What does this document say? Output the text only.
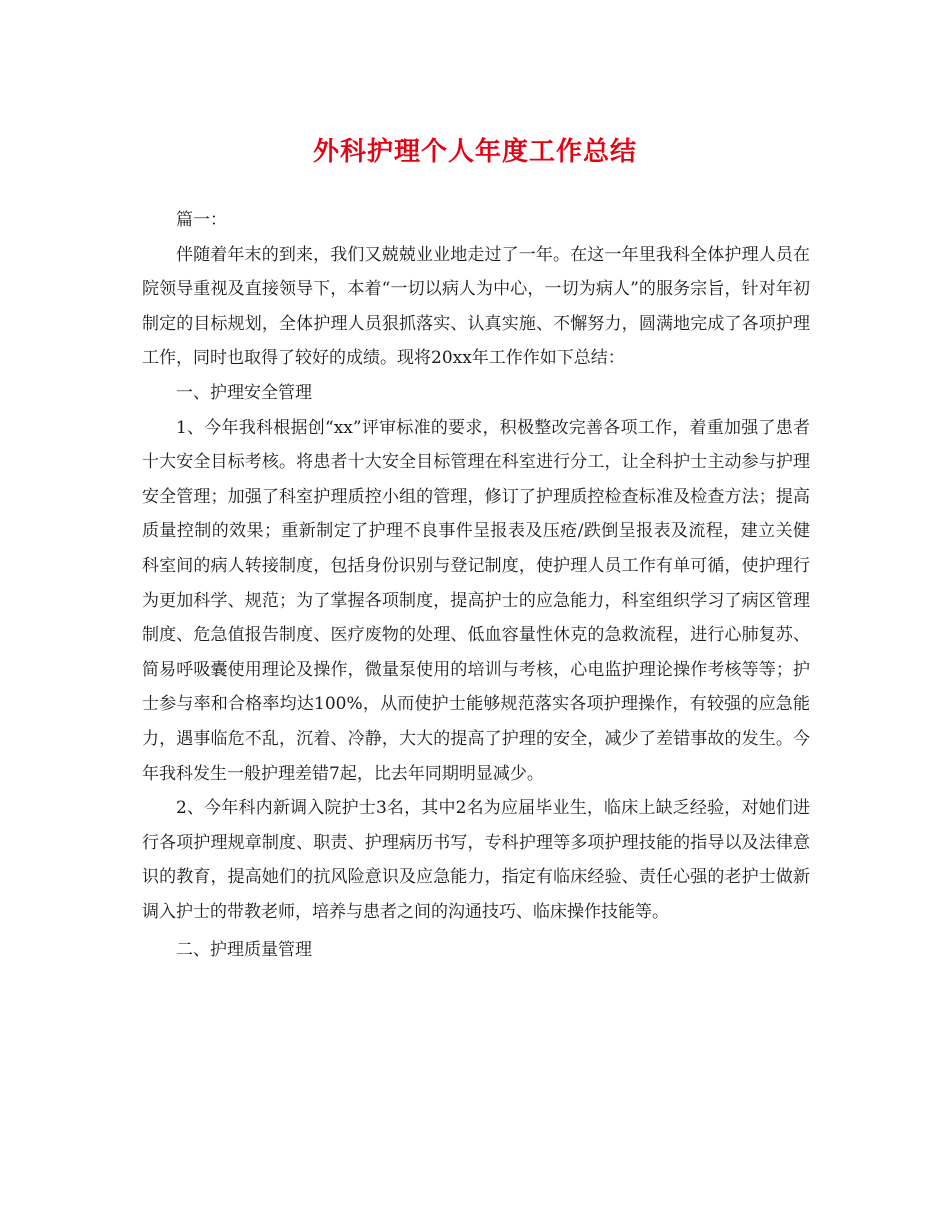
外科护理个人年度工作总结

篇一：

伴随着年末的到来，我们又兢兢业业地走过了一年。在这一年里我科全体护理人员在院领导重视及直接领导下，本着“一切以病人为中心，一切为病人”的服务宗旨，针对年初制定的目标规划，全体护理人员狠抓落实、认真实施、不懈努力，圆满地完成了各项护理工作，同时也取得了较好的成绩。现将20xx年工作作如下总结：

一、护理安全管理

1、今年我科根据创“xx”评审标准的要求，积极整改完善各项工作，着重加强了患者十大安全目标考核。将患者十大安全目标管理在科室进行分工，让全科护士主动参与护理安全管理；加强了科室护理质控小组的管理，修订了护理质控检查标准及检查方法；提高质量控制的效果；重新制定了护理不良事件呈报表及压疮/跌倒呈报表及流程，建立关健科室间的病人转接制度，包括身份识别与登记制度，使护理人员工作有单可循，使护理行为更加科学、规范；为了掌握各项制度，提高护士的应急能力，科室组织学习了病区管理制度、危急值报告制度、医疗废物的处理、低血容量性休克的急救流程，进行心肺复苏、简易呼吸囊使用理论及操作，微量泵使用的培训与考核，心电监护理论操作考核等等；护士参与率和合格率均达100%，从而使护士能够规范落实各项护理操作，有较强的应急能力，遇事临危不乱，沉着、冷静，大大的提高了护理的安全，减少了差错事故的发生。今年我科发生一般护理差错7起，比去年同期明显减少。

2、今年科内新调入院护士3名，其中2名为应届毕业生，临床上缺乏经验，对她们进行各项护理规章制度、职责、护理病历书写，专科护理等多项护理技能的指导以及法律意识的教育，提高她们的抗风险意识及应急能力，指定有临床经验、责任心强的老护士做新调入护士的带教老师，培养与患者之间的沟通技巧、临床操作技能等。

二、护理质量管理
